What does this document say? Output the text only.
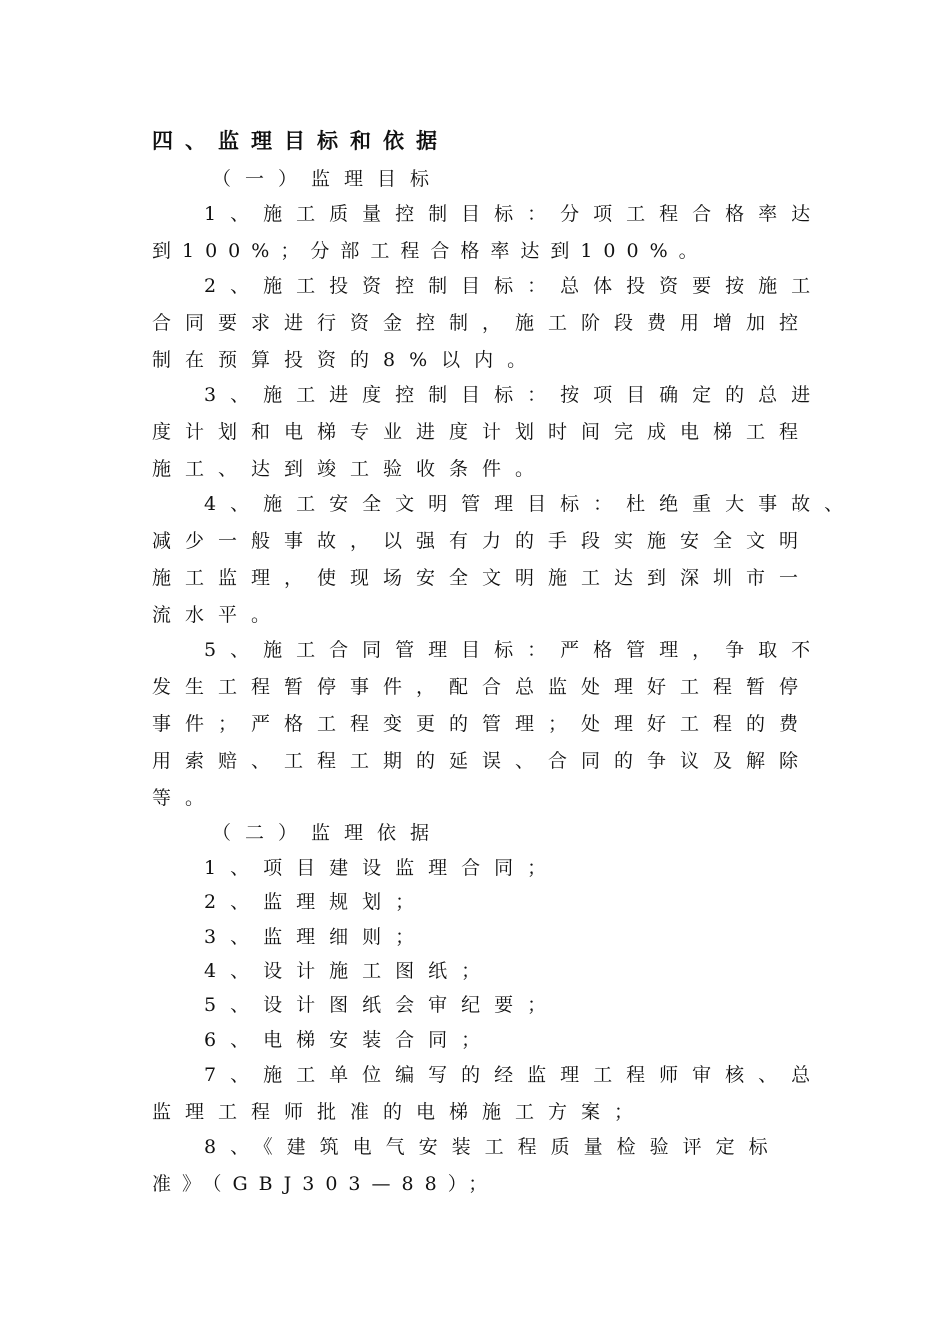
四、监理目标和依据
（一）监理目标
1、施工质量控制目标：分项工程合格率达
到100%；分部工程合格率达到100%。
2、施工投资控制目标：总体投资要按施工
合同要求进行资金控制，施工阶段费用增加控
制在预算投资的8%以内。
3、施工进度控制目标：按项目确定的总进
度计划和电梯专业进度计划时间完成电梯工程
施工、达到竣工验收条件。
4、施工安全文明管理目标：杜绝重大事故、
减少一般事故，以强有力的手段实施安全文明
施工监理，使现场安全文明施工达到深圳市一
流水平。
5、施工合同管理目标：严格管理，争取不
发生工程暂停事件，配合总监处理好工程暂停
事件；严格工程变更的管理；处理好工程的费
用索赔、工程工期的延误、合同的争议及解除
等。
（二）监理依据
1、项目建设监理合同；
2、监理规划；
3、监理细则；
4、设计施工图纸；
5、设计图纸会审纪要；
6、电梯安装合同；
7、施工单位编写的经监理工程师审核、总
监理工程师批准的电梯施工方案；
8、《建筑电气安装工程质量检验评定标
准》（GBJ303—88）；
